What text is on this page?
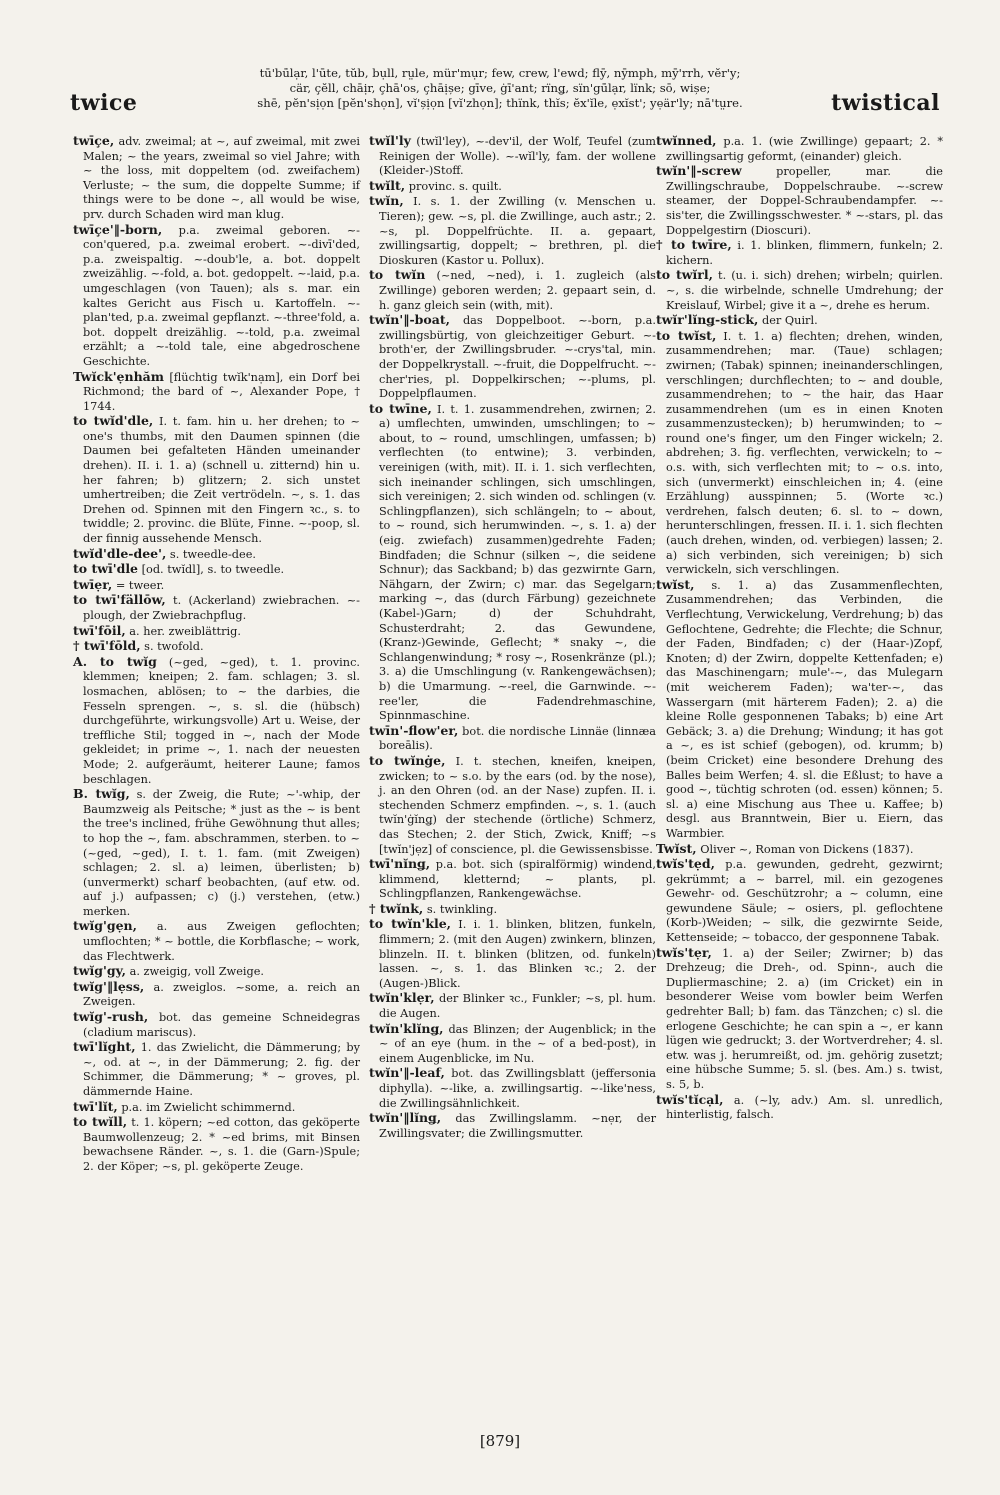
twice
tū'bū̇lạr, l'ūte, tŭb, bụll, rṳle, mür'mụr; few, crew, l'ewd; flȳ, nȳmph, mȳ'rrh, vĕr'y;
cär, çĕll, chāịr, çhā'os, çhāịșe; gīve, ġī'ant; rïnǥ, sïn'gū̇lạr, lïnk; sō, wișe;
shē, pĕn'sịọn [pĕn'shọn], vĭ'șịọn [vĭ'zhọn]; thïnk, thĭs; ĕx'ĭle, ẹxĭst'; yẹär'ly; nā'tṳre.	twistical

twīçe, adv. zweimal; at ~, auf zweimal, mit zwei Malen; ~ the years, zweimal so viel Jahre; with ~ the loss, mit doppeltem (od. zweifachem) Verluste; ~ the sum, die doppelte Summe; if things were to be done ~, all would be wise, prv. durch Schaden wird man klug.

twīçe'‖-born, p.a. zweimal geboren. ~-con'quered, p.a. zweimal erobert. ~-divī'ded, p.a. zweispaltig. ~-doub'le, a. bot. doppelt zweizählig. ~-fold, a. bot. gedoppelt. ~-laid, p.a. umgeschlagen (von Tauen); als s. mar. ein kaltes Gericht aus Fisch u. Kartoffeln. ~-plan'ted, p.a. zweimal gepflanzt. ~-three'fold, a. bot. doppelt dreizählig. ~-told, p.a. zweimal erzählt; a ~-told tale, eine abgedroschene Geschichte.

Twĭck'ẹnhăm [flüchtig twĭk'nạm], ein Dorf bei Richmond; the bard of ~, Alexander Pope, † 1744.

to twĭd'dle, I. t. fam. hin u. her drehen; to ~ one's thumbs, mit den Daumen spinnen (die Daumen bei gefalteten Händen umeinander drehen). II. i. 1. a) (schnell u. zitternd) hin u. her fahren; b) glitzern; 2. sich unstet umhertreiben; die Zeit vertrödeln. ~, s. 1. das Drehen od. Spinnen mit den Fingern ꝛc., s. to twiddle; 2. provinc. die Blüte, Finne. ~-poop, sl. der finnig aussehende Mensch.

twĭd'dle-dee', s. tweedle-dee.

to twī'dle [od. twĭdl], s. to tweedle.

twīẹr, = tweer.

to twī'fällōw, t. (Ackerland) zwiebrachen. ~-plough, der Zwiebrachpflug.

twī'fōil, a. her. zweiblättrig.

† twī'fōld, s. twofold.

A. to twĭg (~ged, ~ged), t. 1. provinc. klemmen; kneipen; 2. fam. schlagen; 3. sl. losmachen, ablösen; to ~ the darbies, die Fesseln sprengen. ~, s. sl. die (hübsch) durchgeführte, wirkungsvolle) Art u. Weise, der treffliche Stil; togged in ~, nach der Mode gekleidet; in prime ~, 1. nach der neuesten Mode; 2. aufgeräumt, heiterer Laune; famos beschlagen.

B. twĭg, s. der Zweig, die Rute; ~'-whip, der Baumzweig als Peitsche; * just as the ~ is bent the tree's inclined, frühe Gewöhnung thut alles; to hop the ~, fam. abschrammen, sterben. to ~ (~ged, ~ged), I. t. 1. fam. (mit Zweigen) schlagen; 2. sl. a) leimen, überlisten; b) (unvermerkt) scharf beobachten, (auf etw. od. auf j.) aufpassen; c) (j.) verstehen, (etw.) merken.

twĭg'gẹn, a. aus Zweigen geflochten; umflochten; * ~ bottle, die Korbflasche; ~ work, das Flechtwerk.

twĭg'gy, a. zweigig, voll Zweige.

twĭg'‖lẹss, a. zweiglos. ~some, a. reich an Zweigen.

twĭg'-rush, bot. das gemeine Schneidegras (cladium mariscus).

twī'lĭght, 1. das Zwielicht, die Dämmerung; by ~, od. at ~, in der Dämmerung; 2. fig. der Schimmer, die Dämmerung; * ~ groves, pl. dämmernde Haine.

twī'lĭt, p.a. im Zwielicht schimmernd.

to twĭll, t. 1. köpern; ~ed cotton, das geköperte Baumwollenzeug; 2. * ~ed brims, mit Binsen bewachsene Ränder. ~, s. 1. die (Garn-)Spule; 2. der Köper; ~s, pl. geköperte Zeuge.

twĭl'ly (twĭl'ley), ~-dev'il, der Wolf, Teufel (zum Reinigen der Wolle). ~-wĭl'ly, fam. der wollene (Kleider-)Stoff.

twĭlt, provinc. s. quilt.

twĭn, I. s. 1. der Zwilling (v. Menschen u. Tieren); gew. ~s, pl. die Zwillinge, auch astr.; 2. ~s, pl. Doppelfrüchte. II. a. gepaart, zwillingsartig, doppelt; ~ brethren, pl. die Dioskuren (Kastor u. Pollux).

to twĭn (~ned, ~ned), i. 1. zugleich (als Zwillinge) geboren werden; 2. gepaart sein, d. h. ganz gleich sein (with, mit).

twĭn'‖-boat, das Doppelboot. ~-born, p.a. zwillingsbürtig, von gleichzeitiger Geburt. ~-broth'er, der Zwillingsbruder. ~-crys'tal, min. der Doppelkrystall. ~-fruit, die Doppelfrucht. ~-cher'ries, pl. Doppelkirschen; ~-plums, pl. Doppelpflaumen.

to twīne, I. t. 1. zusammendrehen, zwirnen; 2. a) umflechten, umwinden, umschlingen; to ~ about, to ~ round, umschlingen, umfassen; b) verflechten (to entwine); 3. verbinden, vereinigen (with, mit). II. i. 1. sich verflechten, sich ineinander schlingen, sich umschlingen, sich vereinigen; 2. sich winden od. schlingen (v. Schlingpflanzen), sich schlängeln; to ~ about, to ~ round, sich herumwinden. ~, s. 1. a) der (eig. zwiefach) zusammen)gedrehte Faden; Bindfaden; die Schnur (silken ~, die seidene Schnur); das Sackband; b) das gezwirnte Garn, Nähgarn, der Zwirn; c) mar. das Segelgarn; marking ~, das (durch Färbung) gezeichnete (Kabel-)Garn; d) der Schuhdraht, Schusterdraht; 2. das Gewundene, (Kranz-)Gewinde, Geflecht; * snaky ~, die Schlangenwindung; * rosy ~, Rosenkränze (pl.); 3. a) die Umschlingung (v. Rankengewächsen); b) die Umarmung. ~-reel, die Garnwinde. ~-ree'ler, die Fadendrehmaschine, Spinnmaschine.

twīn'-flow'er, bot. die nordische Linnäe (linnæa boreālis).

to twĭnġe, I. t. stechen, kneifen, kneipen, zwicken; to ~ s.o. by the ears (od. by the nose), j. an den Ohren (od. an der Nase) zupfen. II. i. stechenden Schmerz empfinden. ~, s. 1. (auch twĭn'ġĭnǥ) der stechende (örtliche) Schmerz, das Stechen; 2. der Stich, Zwick, Kniff; ~s [twĭn'jẹz] of conscience, pl. die Gewissensbisse.

twī'nĭnǥ, p.a. bot. sich (spiralförmig) windend, klimmend, kletternd; ~ plants, pl. Schlingpflanzen, Rankengewächse.

† twĭnk, s. twinkling.

to twĭn'kle, I. i. 1. blinken, blitzen, funkeln, flimmern; 2. (mit den Augen) zwinkern, blinzen, blinzeln. II. t. blinken (blitzen, od. funkeln) lassen. ~, s. 1. das Blinken ꝛc.; 2. der (Augen-)Blick.

twĭn'klẹr, der Blinker ꝛc., Funkler; ~s, pl. hum. die Augen.

twĭn'klĭnǥ, das Blinzen; der Augenblick; in the ~ of an eye (hum. in the ~ of a bed-post), in einem Augenblicke, im Nu.

twĭn'‖-leaf, bot. das Zwillingsblatt (jeffersonia diphylla). ~-like, a. zwillingsartig. ~-like'ness, die Zwillingsähnlichkeit.

twĭn'‖lĭnǥ, das Zwillingslamm. ~nẹr, der Zwillingsvater; die Zwillingsmutter.

twĭnned, p.a. 1. (wie Zwillinge) gepaart; 2. * zwillingsartig geformt, (einander) gleich.

twĭn'‖-screw propeller, mar. die Zwillingschraube, Doppelschraube. ~-screw steamer, der Doppel-Schraubendampfer. ~-sis'ter, die Zwillingsschwester. * ~-stars, pl. das Doppelgestirn (Dioscuri).

† to twīre, i. 1. blinken, flimmern, funkeln; 2. kichern.

to twĭrl, t. (u. i. sich) drehen; wirbeln; quirlen. ~, s. die wirbelnde, schnelle Umdrehung; der Kreislauf, Wirbel; give it a ~, drehe es herum.

twĭr'lĭnǥ-stick, der Quirl.

to twĭst, I. t. 1. a) flechten; drehen, winden, zusammendrehen; mar. (Taue) schlagen; zwirnen; (Tabak) spinnen; ineinanderschlingen, verschlingen; durchflechten; to ~ and double, zusammendrehen; to ~ the hair, das Haar zusammendrehen (um es in einen Knoten zusammenzustecken); b) herumwinden; to ~ round one's finger, um den Finger wickeln; 2. abdrehen; 3. fig. verflechten, verwickeln; to ~ o.s. with, sich verflechten mit; to ~ o.s. into, sich (unvermerkt) einschleichen in; 4. (eine Erzählung) ausspinnen; 5. (Worte ꝛc.) verdrehen, falsch deuten; 6. sl. to ~ down, herunterschlingen, fressen. II. i. 1. sich flechten (auch drehen, winden, od. verbiegen) lassen; 2. a) sich verbinden, sich vereinigen; b) sich verwickeln, sich verschlingen.

twĭst, s. 1. a) das Zusammenflechten, Zusammendrehen; das Verbinden, die Verflechtung, Verwickelung, Verdrehung; b) das Geflochtene, Gedrehte; die Flechte; die Schnur, der Faden, Bindfaden; c) der (Haar-)Zopf, Knoten; d) der Zwirn, doppelte Kettenfaden; e) das Maschinengarn; mule'-~, das Mulegarn (mit weicherem Faden); wa'ter-~, das Wassergarn (mit härterem Faden); 2. a) die kleine Rolle gesponnenen Tabaks; b) eine Art Gebäck; 3. a) die Drehung; Windung; it has got a ~, es ist schief (gebogen), od. krumm; b) (beim Cricket) eine besondere Drehung des Balles beim Werfen; 4. sl. die Eßlust; to have a good ~, tüchtig schroten (od. essen) können; 5. sl. a) eine Mischung aus Thee u. Kaffee; b) desgl. aus Branntwein, Bier u. Eiern, das Warmbier.

Twĭst, Oliver ~, Roman von Dickens (1837).

twĭs'tẹd, p.a. gewunden, gedreht, gezwirnt; gekrümmt; a ~ barrel, mil. ein gezogenes Gewehr- od. Geschützrohr; a ~ column, eine gewundene Säule; ~ osiers, pl. geflochtene (Korb-)Weiden; ~ silk, die gezwirnte Seide, Kettenseide; ~ tobacco, der gesponnene Tabak.

twĭs'tẹr, 1. a) der Seiler; Zwirner; b) das Drehzeug; die Dreh-, od. Spinn-, auch die Dupliermaschine; 2. a) (im Cricket) ein in besonderer Weise vom bowler beim Werfen gedrehter Ball; b) fam. das Tänzchen; c) sl. die erlogene Geschichte; he can spin a ~, er kann lügen wie gedruckt; 3. der Wortverdreher; 4. sl. etw. was j. herumreißt, od. jm. gehörig zusetzt; eine hübsche Summe; 5. sl. (bes. Am.) s. twist, s. 5, b.

twĭs'tĭcạl, a. (~ly, adv.) Am. sl. unredlich, hinterlistig, falsch.

[879]
